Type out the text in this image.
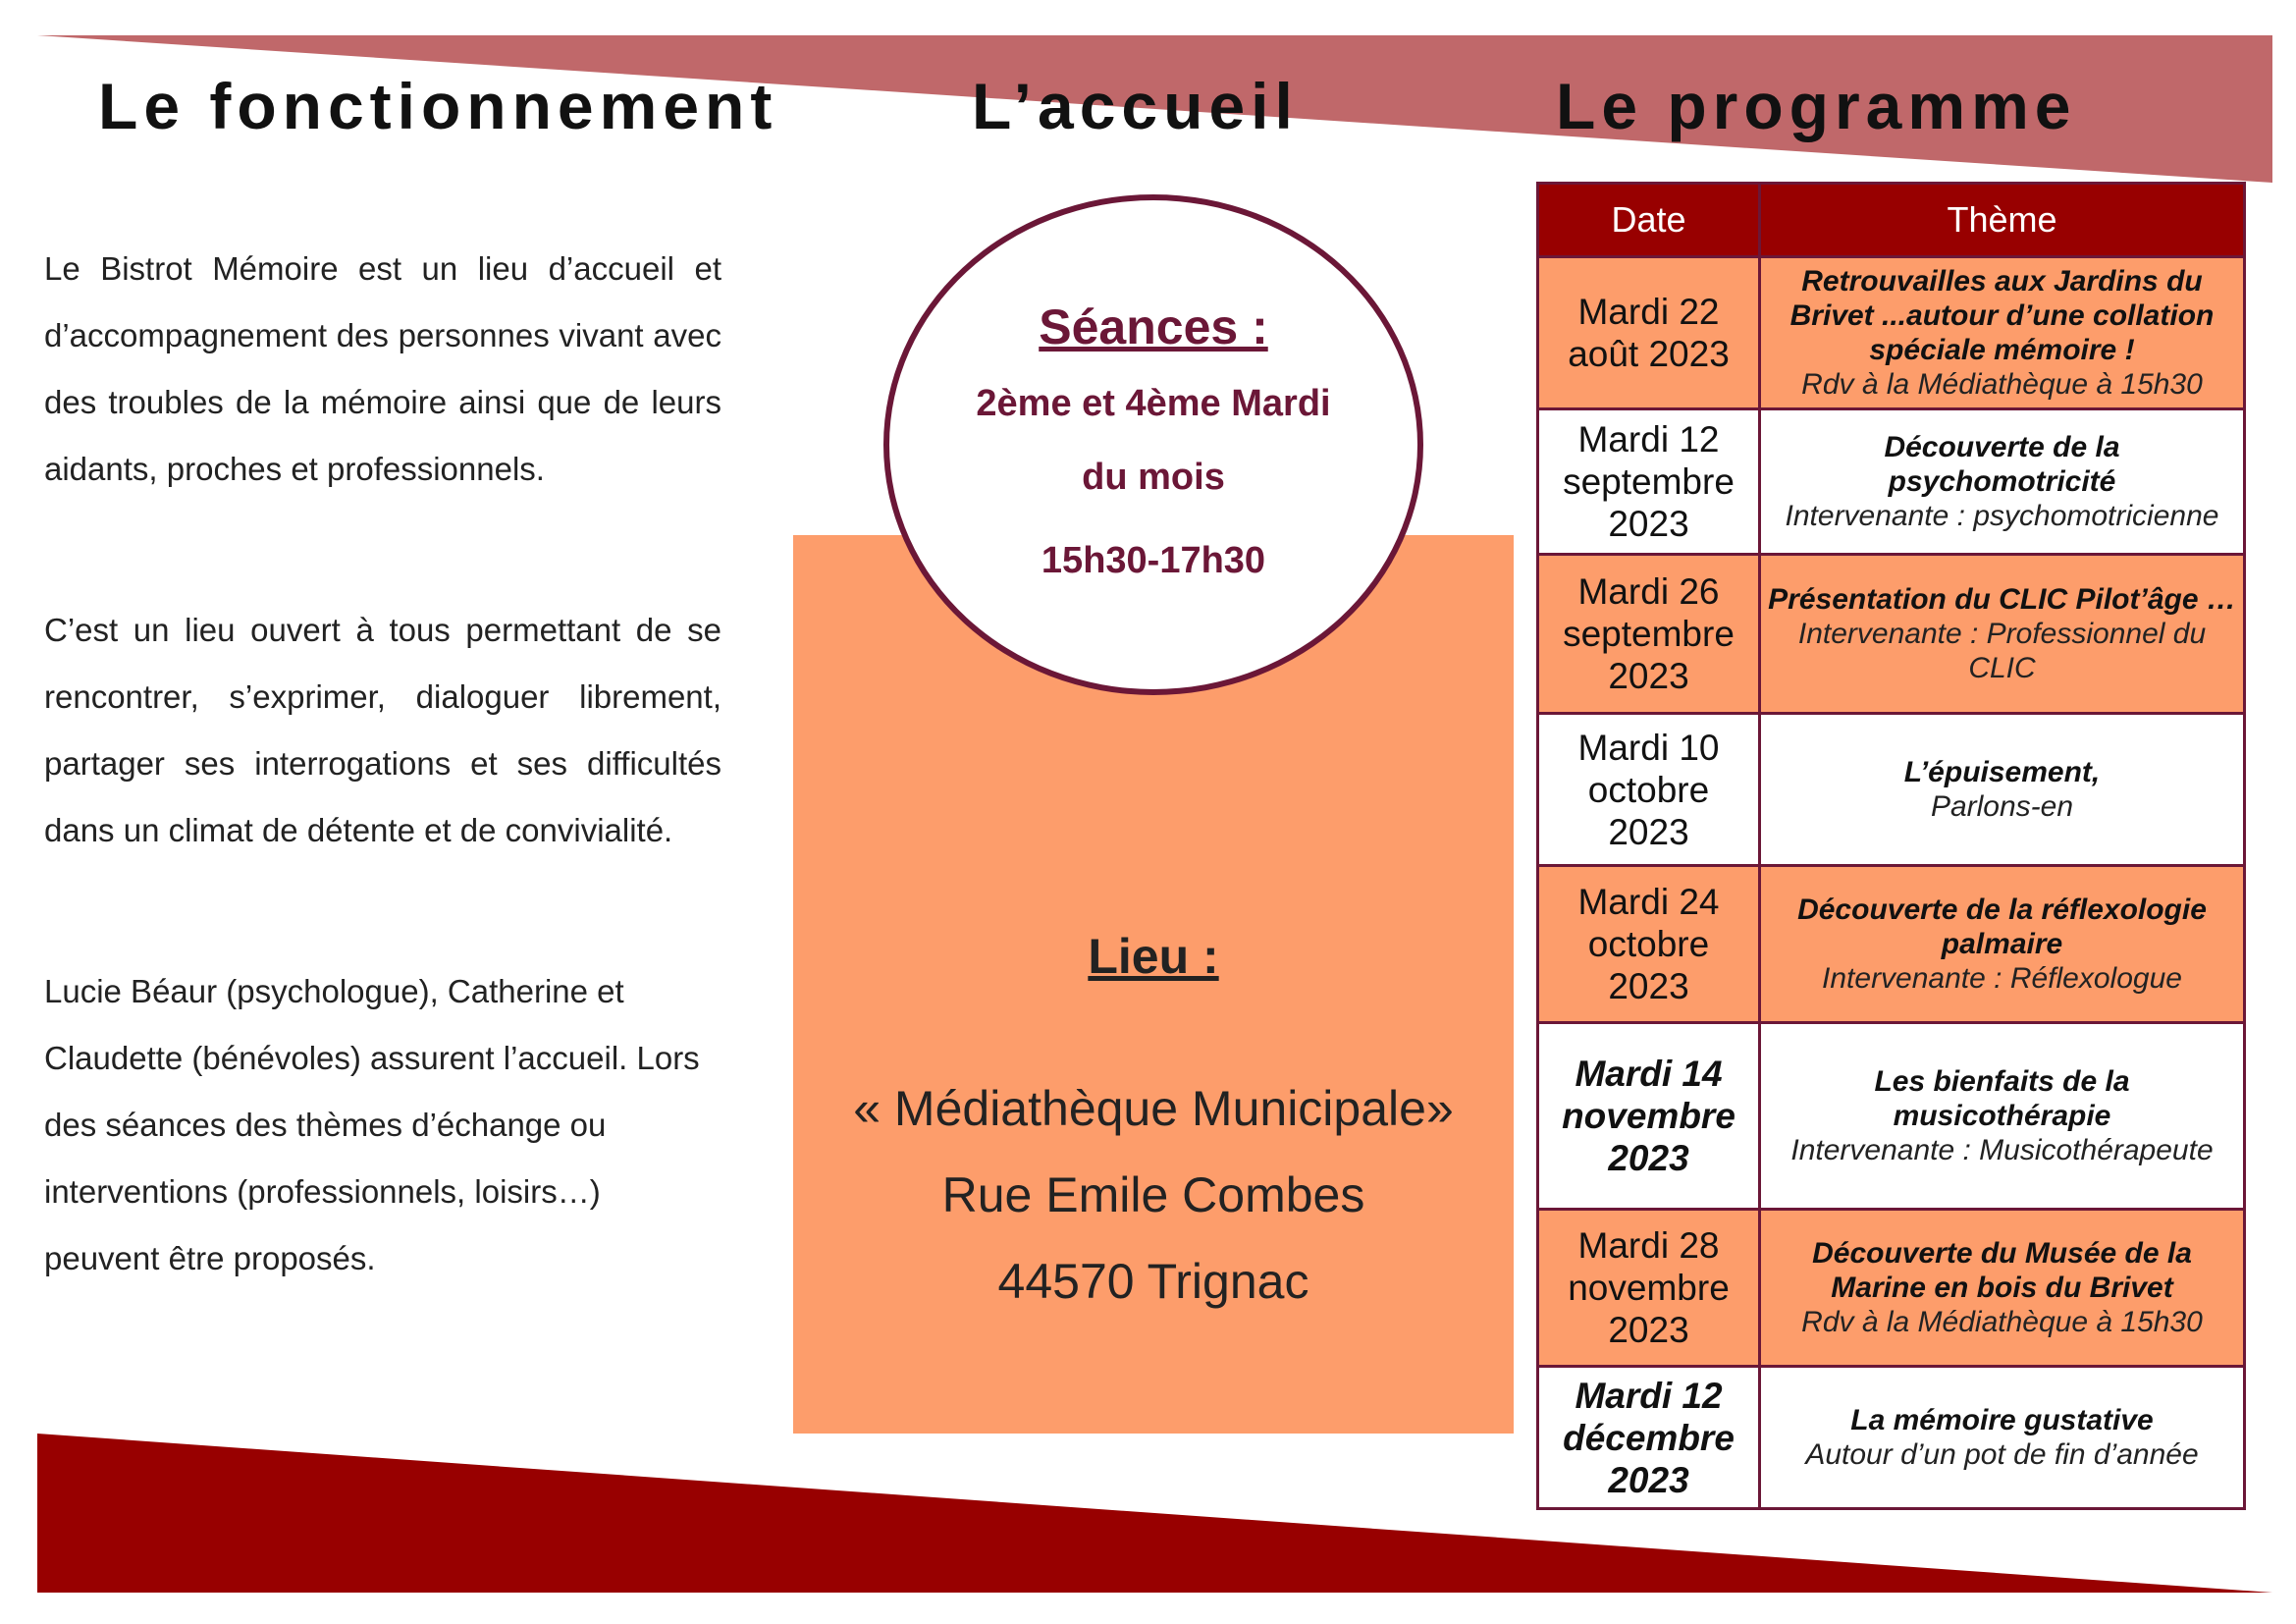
Le fonctionnement	L’accueil	Le programme

Le Bistrot Mémoire est un lieu d’accueil et d’accompagnement des personnes vivant avec des troubles de la mémoire ainsi que de leurs aidants, proches et professionnels.

C’est un lieu ouvert à tous permettant de se rencontrer, s’exprimer, dialoguer librement, partager ses interrogations et ses difficultés dans un climat de détente et de convivialité.

Lucie Béaur (psychologue), Catherine et Claudette (bénévoles) assurent l’accueil. Lors des séances des thèmes d’échange ou interventions (professionnels, loisirs…) peuvent être proposés.

Séances :
2ème et 4ème Mardi
du mois
15h30-17h30
Lieu :
« Médiathèque Municipale»
Rue Emile Combes
44570 Trignac
Date	Thème
Mardi 22 août 2023	Retrouvailles aux Jardins du Brivet ...autour d’une collation spéciale mémoire !
Rdv à la Médiathèque à 15h30

Mardi 12 septembre 2023	Découverte de la psychomotricité
Intervenante : psychomotricienne

Mardi 26 septembre 2023	Présentation du CLIC Pilot’âge …
Intervenante : Professionnel du CLIC

Mardi 10 octobre 2023	L’épuisement,
Parlons-en

Mardi 24 octobre 2023	Découverte de la réflexologie palmaire
Intervenante : Réflexologue

Mardi 14 novembre 2023	Les bienfaits de la musicothérapie
Intervenante : Musicothérapeute

Mardi 28 novembre 2023	Découverte du Musée de la Marine en bois du Brivet
Rdv à la Médiathèque à 15h30

Mardi 12 décembre 2023	La mémoire gustative
Autour d’un pot de fin d’année
